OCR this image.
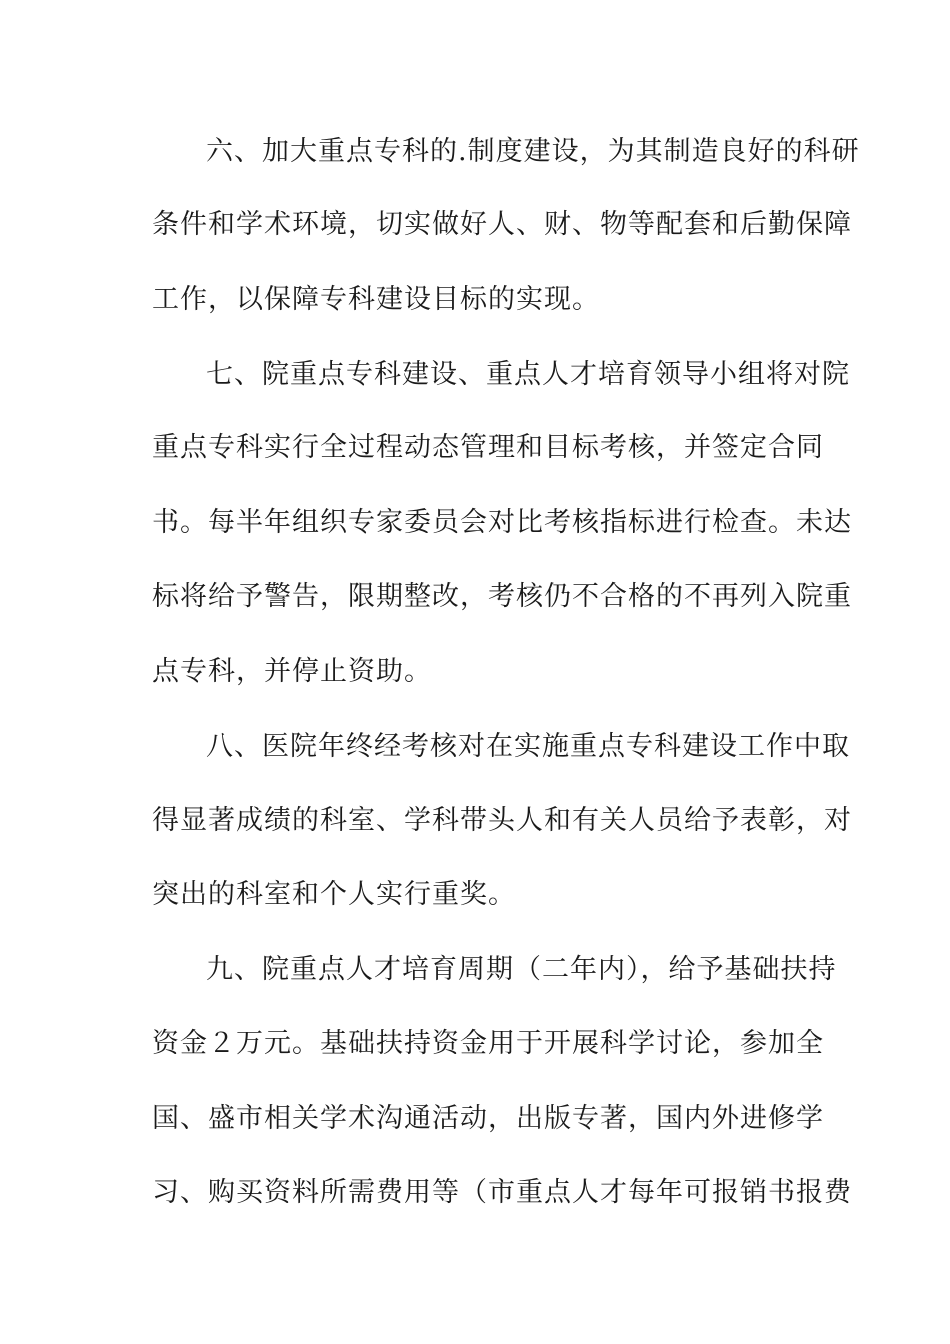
六、加大重点专科的.制度建设，为其制造良好的科研
条件和学术环境，切实做好人、财、物等配套和后勤保障
工作，以保障专科建设目标的实现。
七、院重点专科建设、重点人才培育领导小组将对院
重点专科实行全过程动态管理和目标考核，并签定合同
书。每半年组织专家委员会对比考核指标进行检查。未达
标将给予警告，限期整改，考核仍不合格的不再列入院重
点专科，并停止资助。
八、医院年终经考核对在实施重点专科建设工作中取
得显著成绩的科室、学科带头人和有关人员给予表彰，对
突出的科室和个人实行重奖。
九、院重点人才培育周期（二年内），给予基础扶持
资金２万元。基础扶持资金用于开展科学讨论，参加全
国、盛市相关学术沟通活动，出版专著，国内外进修学
习、购买资料所需费用等（市重点人才每年可报销书报费
